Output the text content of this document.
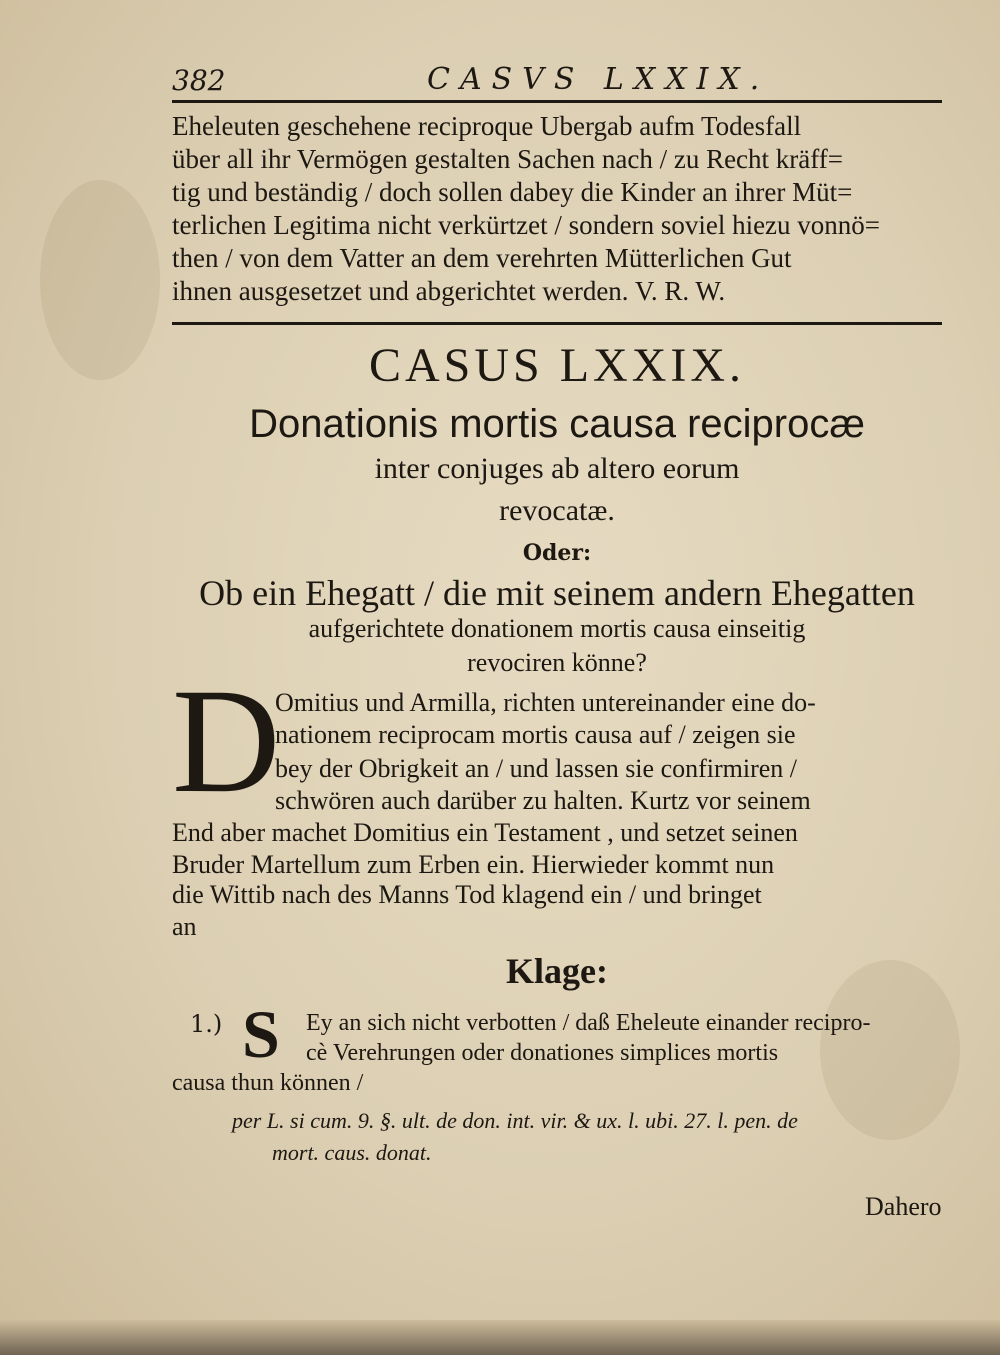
382	CASVS LXXIX.
Eheleuten geschehene reciproque Ubergab aufm Todesfall
über all ihr Vermögen gestalten Sachen nach / zu Recht kräff=
tig und beständig / doch sollen dabey die Kinder an ihrer Müt=
terlichen Legitima nicht verkürtzet / sondern soviel hiezu vonnö=
then / von dem Vatter an dem verehrten Mütterlichen Gut
ihnen ausgesetzet und abgerichtet werden. V. R. W.
CASUS LXXIX.
Donationis mortis causa reciprocæ
inter conjuges ab altero eorum
revocatæ.
Oder:
Ob ein Ehegatt / die mit seinem andern Ehegatten
aufgerichtete donationem mortis causa einseitig
revociren könne?
D
Omitius und Armilla, richten untereinander eine do-
nationem reciprocam mortis causa auf / zeigen sie
bey der Obrigkeit an / und lassen sie confirmiren /
schwören auch darüber zu halten. Kurtz vor seinem
End aber machet Domitius ein Testament , und setzet seinen
Bruder Martellum zum Erben ein. Hierwieder kommt nun
die Wittib nach des Manns Tod klagend ein / und bringet
an
Klage:
1.) S Ey an sich nicht verbotten / daß Eheleute einander recipro-
cè Verehrungen oder donationes simplices mortis
causa thun können /
per L. si cum. 9. §. ult. de don. int. vir. & ux. l. ubi. 27. l. pen. de
mort. caus. donat.
Dahero
